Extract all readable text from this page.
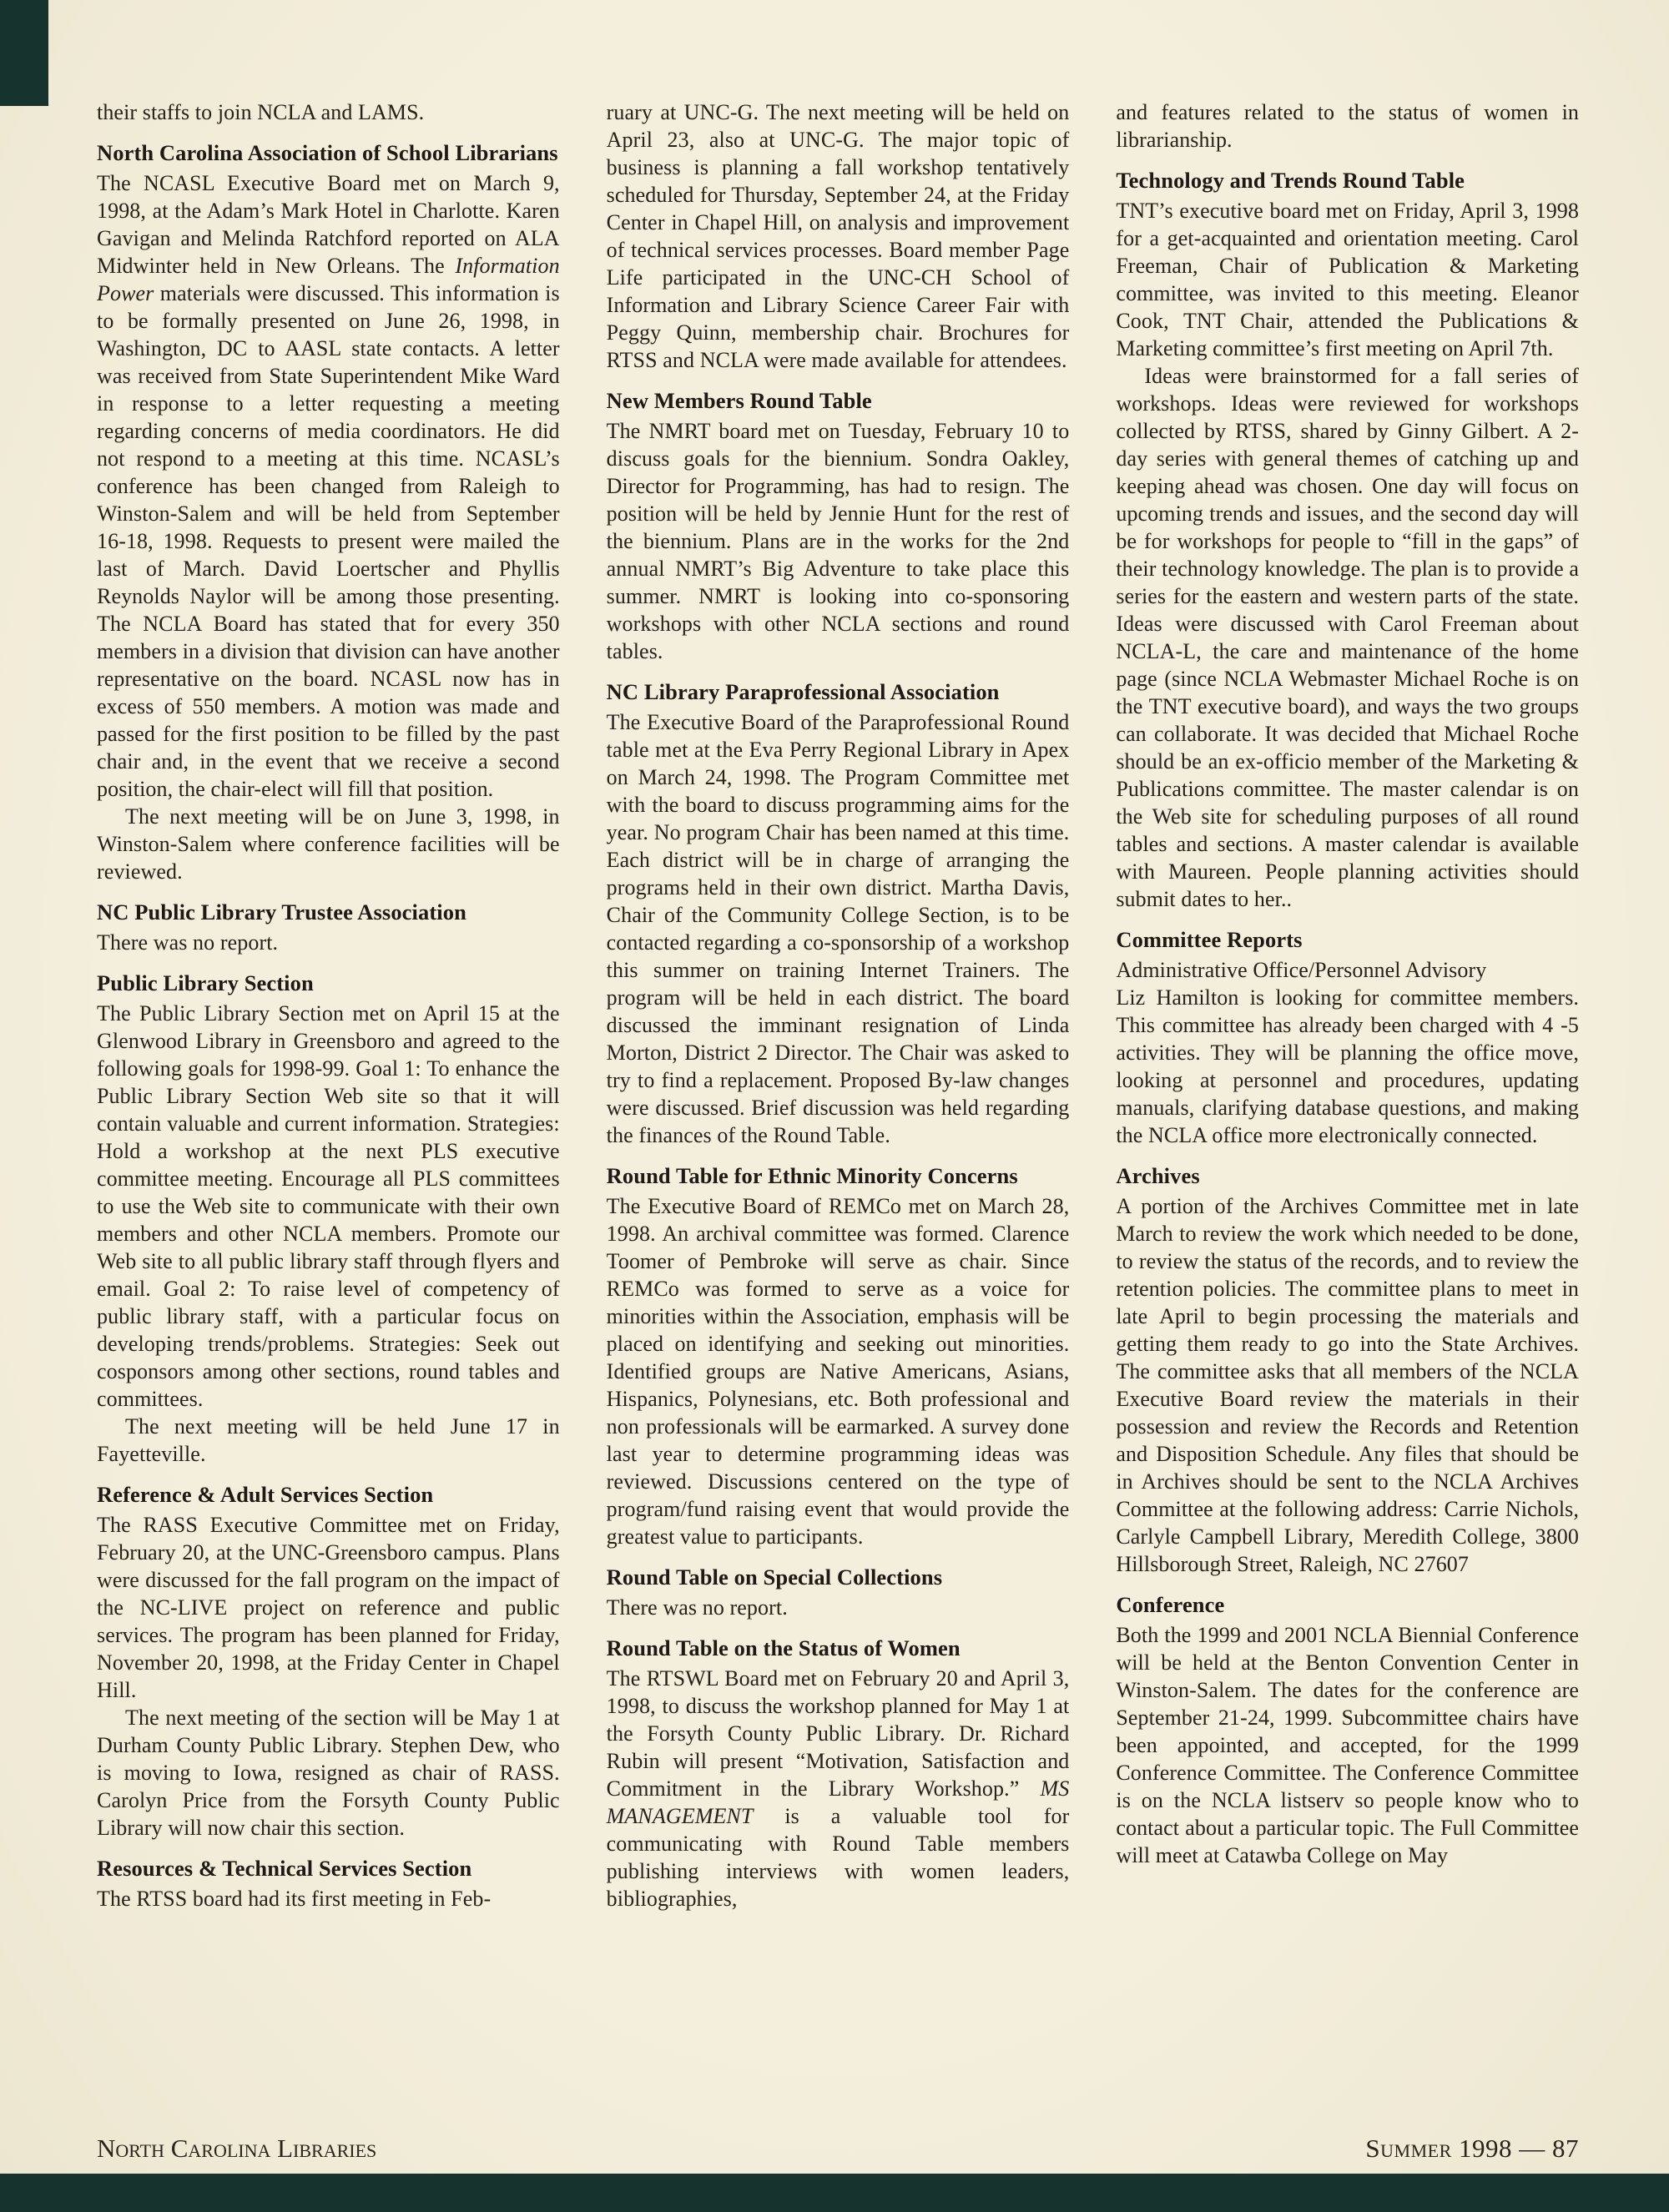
their staffs to join NCLA and LAMS.

North Carolina Association of School Librarians

The NCASL Executive Board met on March 9, 1998, at the Adam’s Mark Hotel in Charlotte. Karen Gavigan and Melinda Ratchford reported on ALA Midwinter held in New Orleans. The Information Power materials were discussed. This information is to be formally presented on June 26, 1998, in Washington, DC to AASL state contacts. A letter was received from State Superintendent Mike Ward in response to a letter requesting a meeting regarding concerns of media coordinators. He did not respond to a meeting at this time. NCASL’s conference has been changed from Raleigh to Winston-Salem and will be held from September 16-18, 1998. Requests to present were mailed the last of March. David Loertscher and Phyllis Reynolds Naylor will be among those presenting. The NCLA Board has stated that for every 350 members in a division that division can have another representative on the board. NCASL now has in excess of 550 members. A motion was made and passed for the first position to be filled by the past chair and, in the event that we receive a second position, the chair-elect will fill that position.

The next meeting will be on June 3, 1998, in Winston-Salem where conference facilities will be reviewed.

NC Public Library Trustee Association

There was no report.

Public Library Section

The Public Library Section met on April 15 at the Glenwood Library in Greensboro and agreed to the following goals for 1998-99. Goal 1: To enhance the Public Library Section Web site so that it will contain valuable and current information. Strategies: Hold a workshop at the next PLS executive committee meeting. Encourage all PLS committees to use the Web site to communicate with their own members and other NCLA members. Promote our Web site to all public library staff through flyers and email. Goal 2: To raise level of competency of public library staff, with a particular focus on developing trends/problems. Strategies: Seek out cosponsors among other sections, round tables and committees.

The next meeting will be held June 17 in Fayetteville.

Reference & Adult Services Section

The RASS Executive Committee met on Friday, February 20, at the UNC-Greensboro campus. Plans were discussed for the fall program on the impact of the NC-LIVE project on reference and public services. The program has been planned for Friday, November 20, 1998, at the Friday Center in Chapel Hill.

The next meeting of the section will be May 1 at Durham County Public Library. Stephen Dew, who is moving to Iowa, resigned as chair of RASS. Carolyn Price from the Forsyth County Public Library will now chair this section.

Resources & Technical Services Section

The RTSS board had its first meeting in Feb-

ruary at UNC-G. The next meeting will be held on April 23, also at UNC-G. The major topic of business is planning a fall workshop tentatively scheduled for Thursday, September 24, at the Friday Center in Chapel Hill, on analysis and improvement of technical services processes. Board member Page Life participated in the UNC-CH School of Information and Library Science Career Fair with Peggy Quinn, membership chair. Brochures for RTSS and NCLA were made available for attendees.

New Members Round Table

The NMRT board met on Tuesday, February 10 to discuss goals for the biennium. Sondra Oakley, Director for Programming, has had to resign. The position will be held by Jennie Hunt for the rest of the biennium. Plans are in the works for the 2nd annual NMRT’s Big Adventure to take place this summer. NMRT is looking into co-sponsoring workshops with other NCLA sections and round tables.

NC Library Paraprofessional Association

The Executive Board of the Paraprofessional Round table met at the Eva Perry Regional Library in Apex on March 24, 1998. The Program Committee met with the board to discuss programming aims for the year. No program Chair has been named at this time. Each district will be in charge of arranging the programs held in their own district. Martha Davis, Chair of the Community College Section, is to be contacted regarding a co-sponsorship of a workshop this summer on training Internet Trainers. The program will be held in each district. The board discussed the imminant resignation of Linda Morton, District 2 Director. The Chair was asked to try to find a replacement. Proposed By-law changes were discussed. Brief discussion was held regarding the finances of the Round Table.

Round Table for Ethnic Minority Concerns

The Executive Board of REMCo met on March 28, 1998. An archival committee was formed. Clarence Toomer of Pembroke will serve as chair. Since REMCo was formed to serve as a voice for minorities within the Association, emphasis will be placed on identifying and seeking out minorities. Identified groups are Native Americans, Asians, Hispanics, Polynesians, etc. Both professional and non professionals will be earmarked. A survey done last year to determine programming ideas was reviewed. Discussions centered on the type of program/fund raising event that would provide the greatest value to participants.

Round Table on Special Collections

There was no report.

Round Table on the Status of Women

The RTSWL Board met on February 20 and April 3, 1998, to discuss the workshop planned for May 1 at the Forsyth County Public Library. Dr. Richard Rubin will present “Motivation, Satisfaction and Commitment in the Library Workshop.” MS MANAGEMENT is a valuable tool for communicating with Round Table members publishing interviews with women leaders, bibliographies,

and features related to the status of women in librarianship.

Technology and Trends Round Table

TNT’s executive board met on Friday, April 3, 1998 for a get-acquainted and orientation meeting. Carol Freeman, Chair of Publication & Marketing committee, was invited to this meeting. Eleanor Cook, TNT Chair, attended the Publications & Marketing committee’s first meeting on April 7th.

Ideas were brainstormed for a fall series of workshops. Ideas were reviewed for workshops collected by RTSS, shared by Ginny Gilbert. A 2-day series with general themes of catching up and keeping ahead was chosen. One day will focus on upcoming trends and issues, and the second day will be for workshops for people to “fill in the gaps” of their technology knowledge. The plan is to provide a series for the eastern and western parts of the state. Ideas were discussed with Carol Freeman about NCLA-L, the care and maintenance of the home page (since NCLA Webmaster Michael Roche is on the TNT executive board), and ways the two groups can collaborate. It was decided that Michael Roche should be an ex-officio member of the Marketing & Publications committee. The master calendar is on the Web site for scheduling purposes of all round tables and sections. A master calendar is available with Maureen. People planning activities should submit dates to her..

Committee Reports

Administrative Office/Personnel Advisory

Liz Hamilton is looking for committee members. This committee has already been charged with 4 -5 activities. They will be planning the office move, looking at personnel and procedures, updating manuals, clarifying database questions, and making the NCLA office more electronically connected.

Archives

A portion of the Archives Committee met in late March to review the work which needed to be done, to review the status of the records, and to review the retention policies. The committee plans to meet in late April to begin processing the materials and getting them ready to go into the State Archives. The committee asks that all members of the NCLA Executive Board review the materials in their possession and review the Records and Retention and Disposition Schedule. Any files that should be in Archives should be sent to the NCLA Archives Committee at the following address: Carrie Nichols, Carlyle Campbell Library, Meredith College, 3800 Hillsborough Street, Raleigh, NC 27607

Conference

Both the 1999 and 2001 NCLA Biennial Conference will be held at the Benton Convention Center in Winston-Salem. The dates for the conference are September 21-24, 1999. Subcommittee chairs have been appointed, and accepted, for the 1999 Conference Committee. The Conference Committee is on the NCLA listserv so people know who to contact about a particular topic. The Full Committee will meet at Catawba College on May

North Carolina Libraries	Summer 1998 — 87
